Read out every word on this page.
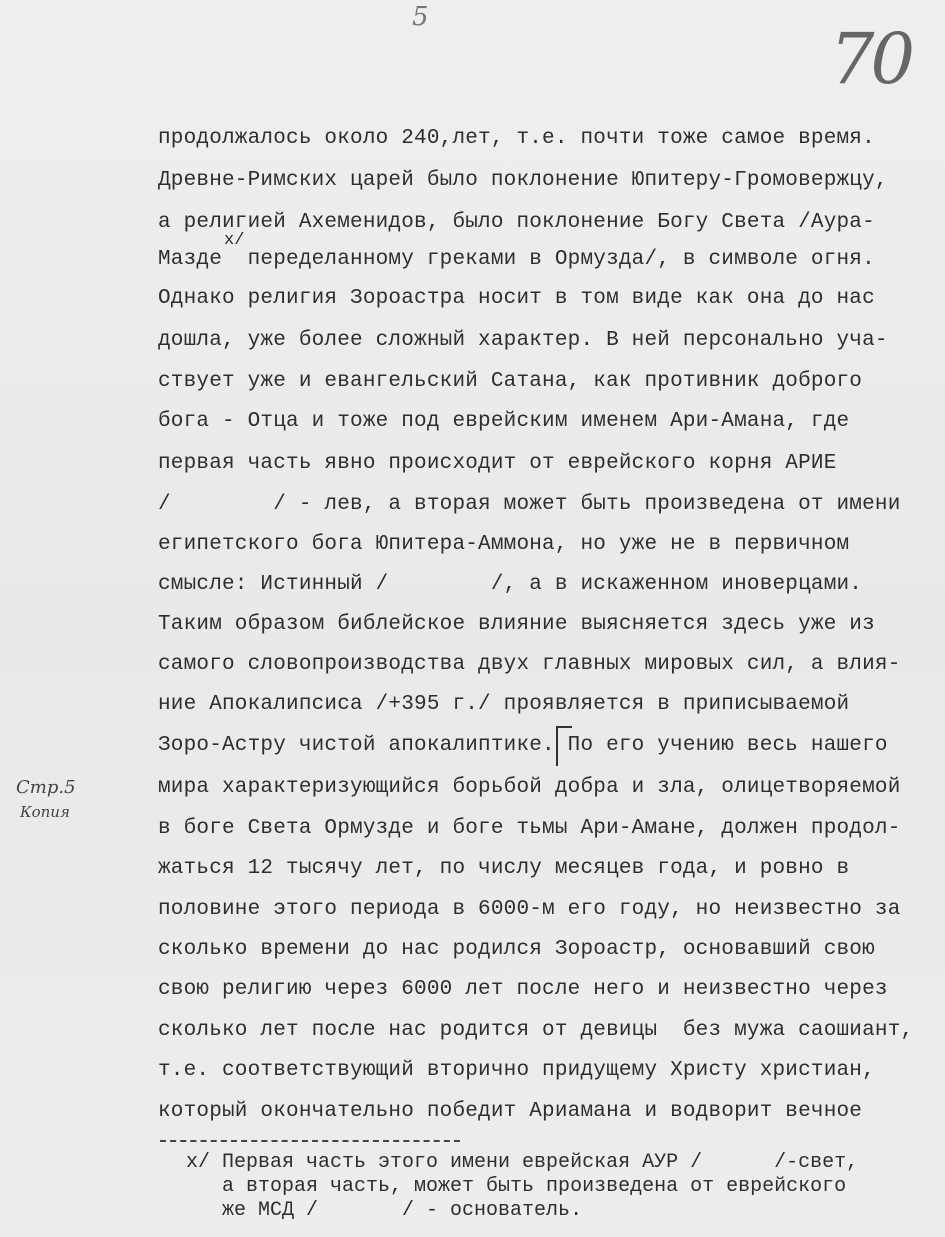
5
70
Стр.5
Копия
продолжалось около 240,лет, т.е. почти тоже самое время.
Древне-Римских царей было поклонение Юпитеру-Громовержцу,
а религией Ахеменидов, было поклонение Богу Света /Аура-
Мазде  переделанному греками в Ормузда/, в символе огня.
Однако религия Зороастра носит в том виде как она до нас
дошла, уже более сложный характер. В ней персонально уча-
ствует уже и евангельский Сатана, как противник доброго
бога - Отца и тоже под еврейским именем Ари-Амана, где
первая часть явно происходит от еврейского корня АРИЕ
/        / - лев, а вторая может быть произведена от имени
египетского бога Юпитера-Аммона, но уже не в первичном
смысле: Истинный /        /, а в искаженном иноверцами.
Таким образом библейское влияние выясняется здесь уже из
самого словопроизводства двух главных мировых сил, а влия-
ние Апокалипсиса /+395 г./ проявляется в приписываемой
Зоро-Астру чистой апокалиптике. По его учению весь нашего
мира характеризующийся борьбой добра и зла, олицетворяемой
в боге Света Ормузде и боге тьмы Ари-Амане, должен продол-
жаться 12 тысячу лет, по числу месяцев года, и ровно в
половине этого периода в 6000-м его году, но неизвестно за
сколько времени до нас родился Зороастр, основавший свою
свою религию через 6000 лет после него и неизвестно через
сколько лет после нас родится от девицы  без мужа саошиант,
т.е. соответствующий вторично придущему Христу христиан,
который окончательно победит Ариамана и водворит вечное
х/
х/ Первая часть этого имени еврейская АУР /      /-свет,
а вторая часть, может быть произведена от еврейского
же МСД /       / - основатель.
